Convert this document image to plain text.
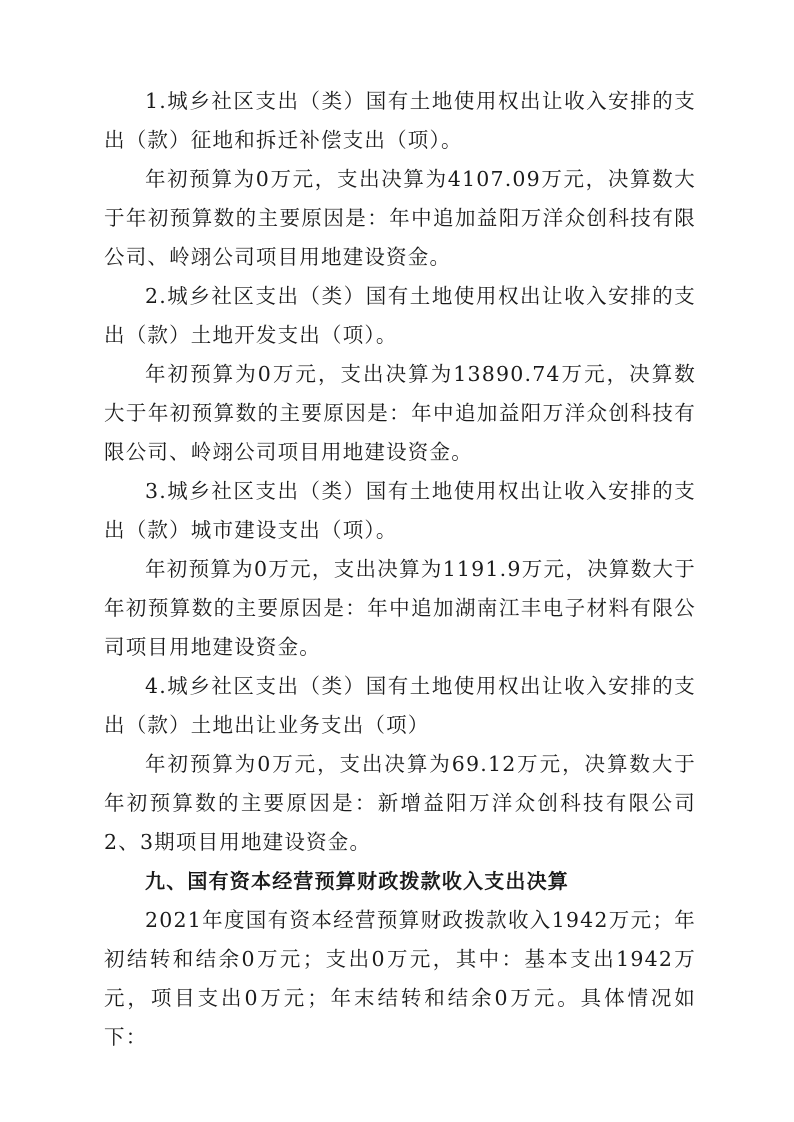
1.城乡社区支出（类）国有土地使用权出让收入安排的支出（款）征地和拆迁补偿支出（项）。

年初预算为0万元，支出决算为4107.09万元，决算数大于年初预算数的主要原因是：年中追加益阳万洋众创科技有限公司、岭翊公司项目用地建设资金。

2.城乡社区支出（类）国有土地使用权出让收入安排的支出（款）土地开发支出（项）。

年初预算为0万元，支出决算为13890.74万元，决算数大于年初预算数的主要原因是：年中追加益阳万洋众创科技有限公司、岭翊公司项目用地建设资金。

3.城乡社区支出（类）国有土地使用权出让收入安排的支出（款）城市建设支出（项）。

年初预算为0万元，支出决算为1191.9万元，决算数大于年初预算数的主要原因是：年中追加湖南江丰电子材料有限公司项目用地建设资金。

4.城乡社区支出（类）国有土地使用权出让收入安排的支出（款）土地出让业务支出（项）

年初预算为0万元，支出决算为69.12万元，决算数大于年初预算数的主要原因是：新增益阳万洋众创科技有限公司2、3期项目用地建设资金。

九、国有资本经营预算财政拨款收入支出决算

2021年度国有资本经营预算财政拨款收入1942万元；年初结转和结余0万元；支出0万元，其中：基本支出1942万元，项目支出0万元；年末结转和结余0万元。具体情况如下：
